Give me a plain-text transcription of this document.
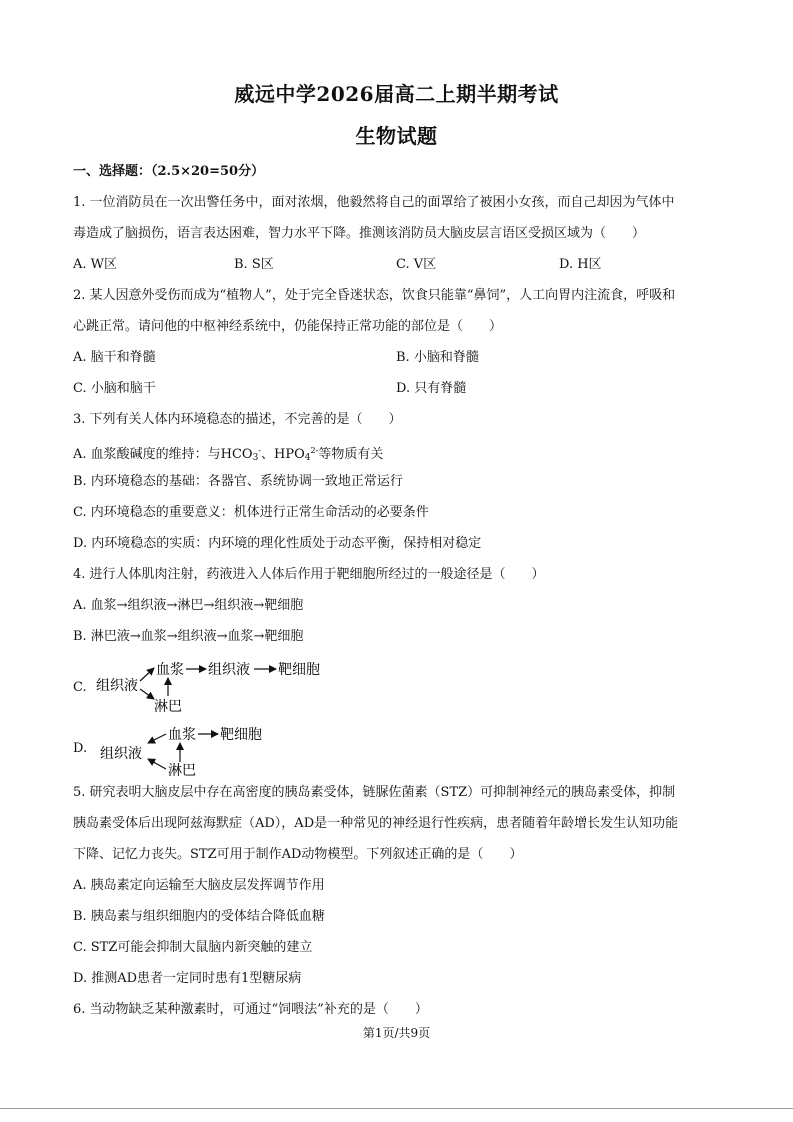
威远中学2026届高二上期半期考试
生物试题
一、选择题：（2.5×20=50分）
1. 一位消防员在一次出警任务中，面对浓烟，他毅然将自己的面罩给了被困小女孩，而自己却因为气体中
毒造成了脑损伤，语言表达困难，智力水平下降。推测该消防员大脑皮层言语区受损区域为（　　）
A. W区	B. S区	C. V区	D. H区
2. 某人因意外受伤而成为“植物人”，处于完全昏迷状态，饮食只能靠“鼻饲”，人工向胃内注流食，呼吸和
心跳正常。请问他的中枢神经系统中，仍能保持正常功能的部位是（　　）
A. 脑干和脊髓	B. 小脑和脊髓
C. 小脑和脑干	D. 只有脊髓
3. 下列有关人体内环境稳态的描述，不完善的是（　　）
A. 血浆酸碱度的维持：与$HCO_3^-$、$HPO_4^{2-}$等物质有关
B. 内环境稳态的基础：各器官、系统协调一致地正常运行
C. 内环境稳态的重要意义：机体进行正常生命活动的必要条件
D. 内环境稳态的实质：内环境的理化性质处于动态平衡，保持相对稳定
4. 进行人体肌肉注射，药液进入人体后作用于靶细胞所经过的一般途径是（　　）
A. 血浆→组织液→淋巴→组织液→靶细胞
B. 淋巴液→血浆→组织液→血浆→靶细胞
C. 组织液
血浆 组织液 靶细胞
淋巴
D. 组织液
血浆 靶细胞
淋巴
5. 研究表明大脑皮层中存在高密度的胰岛素受体，链脲佐菌素（STZ）可抑制神经元的胰岛素受体，抑制
胰岛素受体后出现阿兹海默症（AD），AD是一种常见的神经退行性疾病，患者随着年龄增长发生认知功能
下降、记忆力丧失。STZ可用于制作AD动物模型。下列叙述正确的是（　　）
A. 胰岛素定向运输至大脑皮层发挥调节作用
B. 胰岛素与组织细胞内的受体结合降低血糖
C. STZ可能会抑制大鼠脑内新突触的建立
D. 推测AD患者一定同时患有1型糖尿病
6. 当动物缺乏某种激素时，可通过“饲喂法”补充的是（　　）
第1页/共9页
